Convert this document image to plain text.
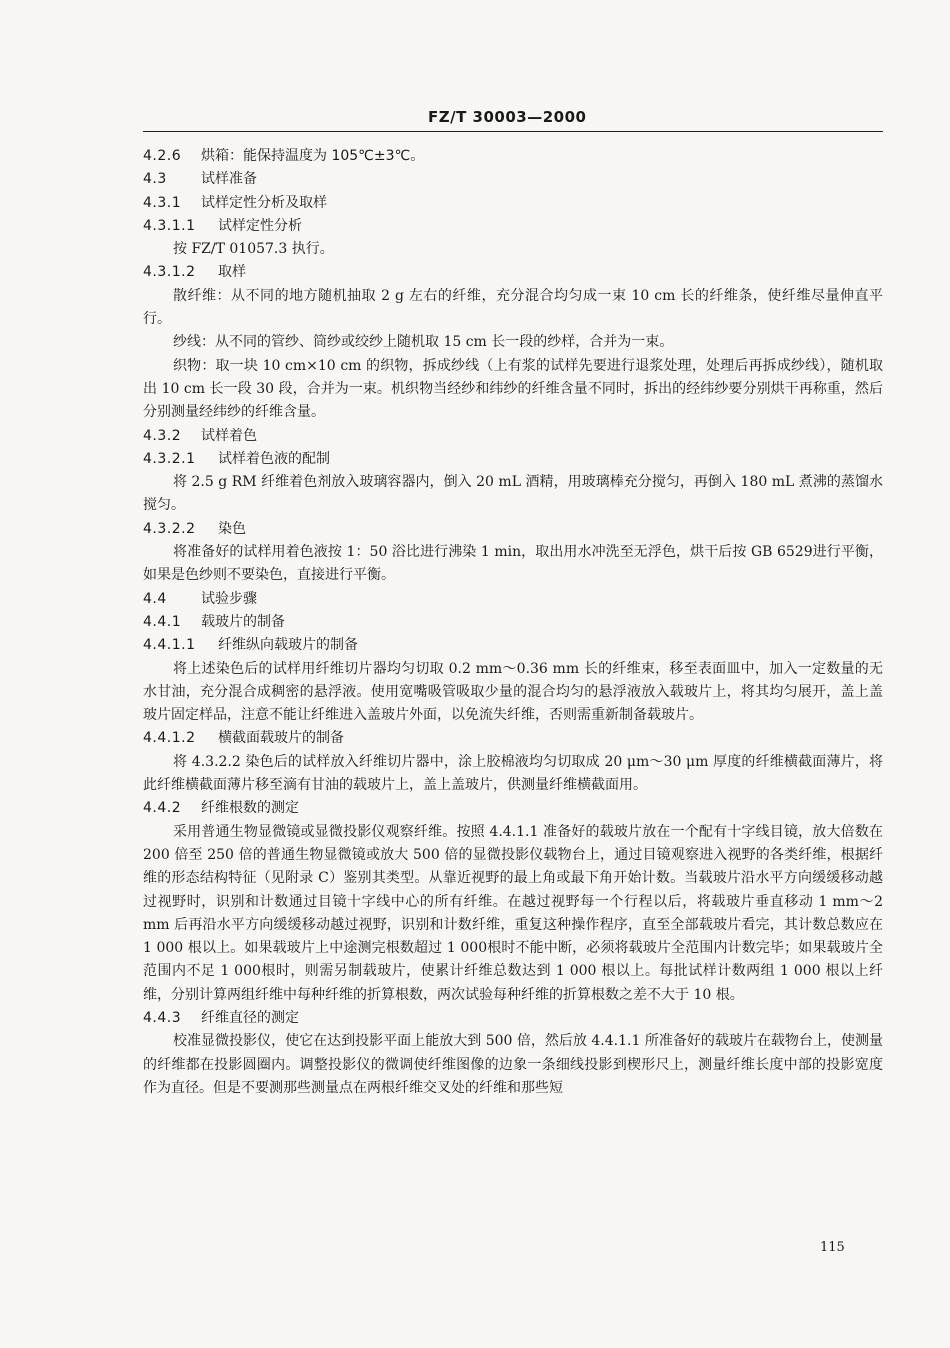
FZ/T 30003—2000

4.2.6 烘箱：能保持温度为 105℃±3℃。

4.3 试样准备

4.3.1 试样定性分析及取样

4.3.1.1 试样定性分析

按 FZ/T 01057.3 执行。

4.3.1.2 取样

散纤维：从不同的地方随机抽取 2 g 左右的纤维，充分混合均匀成一束 10 cm 长的纤维条，使纤维尽量伸直平行。

纱线：从不同的管纱、筒纱或绞纱上随机取 15 cm 长一段的纱样，合并为一束。

织物：取一块 10 cm×10 cm 的织物，拆成纱线（上有浆的试样先要进行退浆处理，处理后再拆成纱线），随机取出 10 cm 长一段 30 段，合并为一束。机织物当经纱和纬纱的纤维含量不同时，拆出的经纬纱要分别烘干再称重，然后分别测量经纬纱的纤维含量。

4.3.2 试样着色

4.3.2.1 试样着色液的配制

将 2.5 g RM 纤维着色剂放入玻璃容器内，倒入 20 mL 酒精，用玻璃棒充分搅匀，再倒入 180 mL 煮沸的蒸馏水搅匀。

4.3.2.2 染色

将准备好的试样用着色液按 1：50 浴比进行沸染 1 min，取出用水冲洗至无浮色，烘干后按 GB 6529进行平衡，如果是色纱则不要染色，直接进行平衡。

4.4 试验步骤

4.4.1 载玻片的制备

4.4.1.1 纤维纵向载玻片的制备

将上述染色后的试样用纤维切片器均匀切取 0.2 mm～0.36 mm 长的纤维束，移至表面皿中，加入一定数量的无水甘油，充分混合成稠密的悬浮液。使用宽嘴吸管吸取少量的混合均匀的悬浮液放入载玻片上，将其均匀展开，盖上盖玻片固定样品，注意不能让纤维进入盖玻片外面，以免流失纤维，否则需重新制备载玻片。

4.4.1.2 横截面载玻片的制备

将 4.3.2.2 染色后的试样放入纤维切片器中，涂上胶棉液均匀切取成 20 μm～30 μm 厚度的纤维横截面薄片，将此纤维横截面薄片移至滴有甘油的载玻片上，盖上盖玻片，供测量纤维横截面用。

4.4.2 纤维根数的测定

采用普通生物显微镜或显微投影仪观察纤维。按照 4.4.1.1 准备好的载玻片放在一个配有十字线目镜，放大倍数在 200 倍至 250 倍的普通生物显微镜或放大 500 倍的显微投影仪载物台上，通过目镜观察进入视野的各类纤维，根据纤维的形态结构特征（见附录 C）鉴别其类型。从靠近视野的最上角或最下角开始计数。当载玻片沿水平方向缓缓移动越过视野时，识别和计数通过目镜十字线中心的所有纤维。在越过视野每一个行程以后，将载玻片垂直移动 1 mm～2 mm 后再沿水平方向缓缓移动越过视野，识别和计数纤维，重复这种操作程序，直至全部载玻片看完，其计数总数应在 1 000 根以上。如果载玻片上中途测完根数超过 1 000根时不能中断，必须将载玻片全范围内计数完毕；如果载玻片全范围内不足 1 000根时，则需另制载玻片，使累计纤维总数达到 1 000 根以上。每批试样计数两组 1 000 根以上纤维，分别计算两组纤维中每种纤维的折算根数，两次试验每种纤维的折算根数之差不大于 10 根。

4.4.3 纤维直径的测定

校准显微投影仪，使它在达到投影平面上能放大到 500 倍，然后放 4.4.1.1 所准备好的载玻片在载物台上，使测量的纤维都在投影圆圈内。调整投影仪的微调使纤维图像的边象一条细线投影到楔形尺上，测量纤维长度中部的投影宽度作为直径。但是不要测那些测量点在两根纤维交叉处的纤维和那些短

115
